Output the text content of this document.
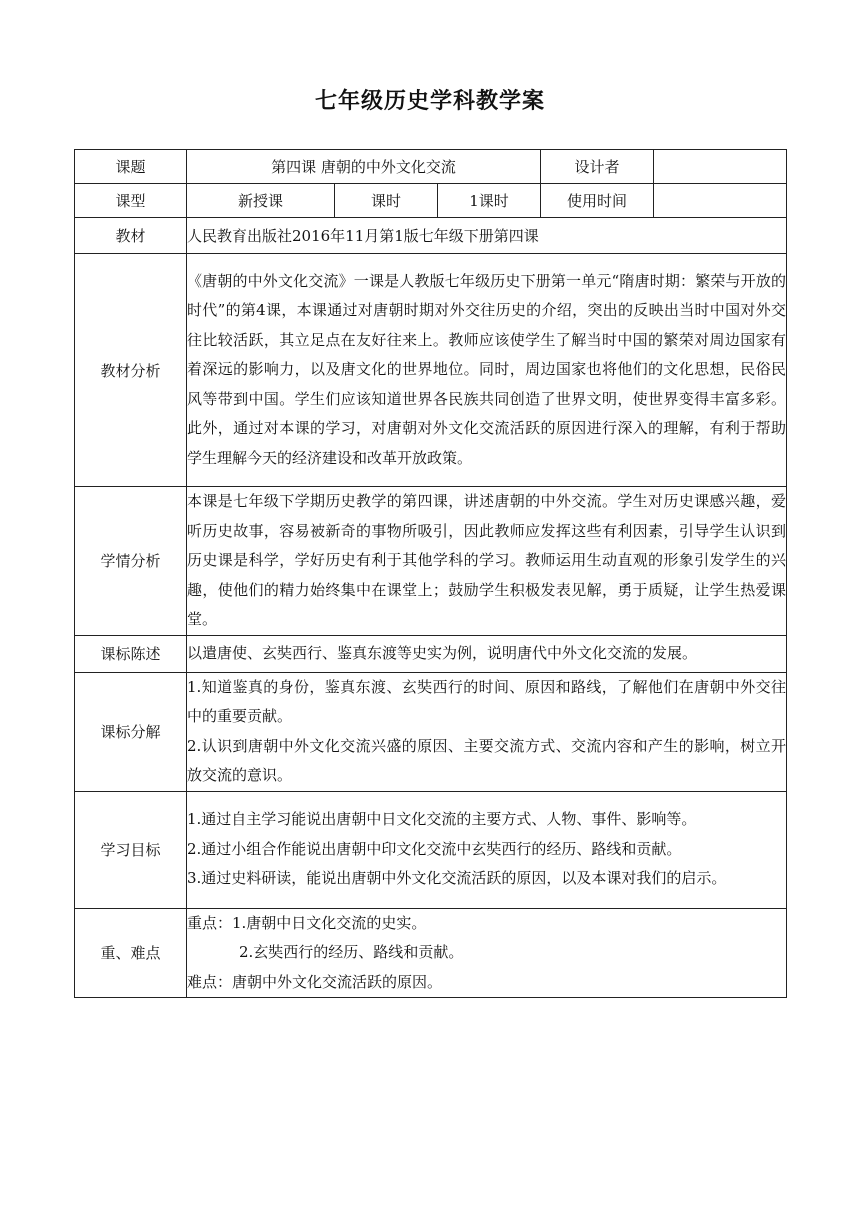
七年级历史学科教学案
课题	第四课 唐朝的中外文化交流			设计者	
课型	新授课	课时	1课时	使用时间	
教材	人民教育出版社2016年11月第1版七年级下册第四课				
教材分析	《唐朝的中外文化交流》一课是人教版七年级历史下册第一单元“隋唐时期：繁荣与开放的时代”的第4课，本课通过对唐朝时期对外交往历史的介绍，突出的反映出当时中国对外交往比较活跃，其立足点在友好往来上。教师应该使学生了解当时中国的繁荣对周边国家有着深远的影响力，以及唐文化的世界地位。同时，周边国家也将他们的文化思想，民俗民风等带到中国。学生们应该知道世界各民族共同创造了世界文明，使世界变得丰富多彩。此外，通过对本课的学习，对唐朝对外文化交流活跃的原因进行深入的理解，有利于帮助学生理解今天的经济建设和改革开放政策。				
学情分析	本课是七年级下学期历史教学的第四课，讲述唐朝的中外交流。学生对历史课感兴趣，爱听历史故事，容易被新奇的事物所吸引，因此教师应发挥这些有利因素，引导学生认识到历史课是科学，学好历史有利于其他学科的学习。教师运用生动直观的形象引发学生的兴趣，使他们的精力始终集中在课堂上；鼓励学生积极发表见解，勇于质疑，让学生热爱课堂。				
课标陈述	以遣唐使、玄奘西行、鉴真东渡等史实为例，说明唐代中外文化交流的发展。				
课标分解	1.知道鉴真的身份，鉴真东渡、玄奘西行的时间、原因和路线，了解他们在唐朝中外交往中的重要贡献。
2.认识到唐朝中外文化交流兴盛的原因、主要交流方式、交流内容和产生的影响，树立开放交流的意识。				

学习目标	1.通过自主学习能说出唐朝中日文化交流的主要方式、人物、事件、影响等。
2.通过小组合作能说出唐朝中印文化交流中玄奘西行的经历、路线和贡献。
3.通过史料研读，能说出唐朝中外文化交流活跃的原因，以及本课对我们的启示。				

重、难点	重点：1.唐朝中日文化交流的史实。
2.玄奘西行的经历、路线和贡献。
难点：唐朝中外文化交流活跃的原因。				
